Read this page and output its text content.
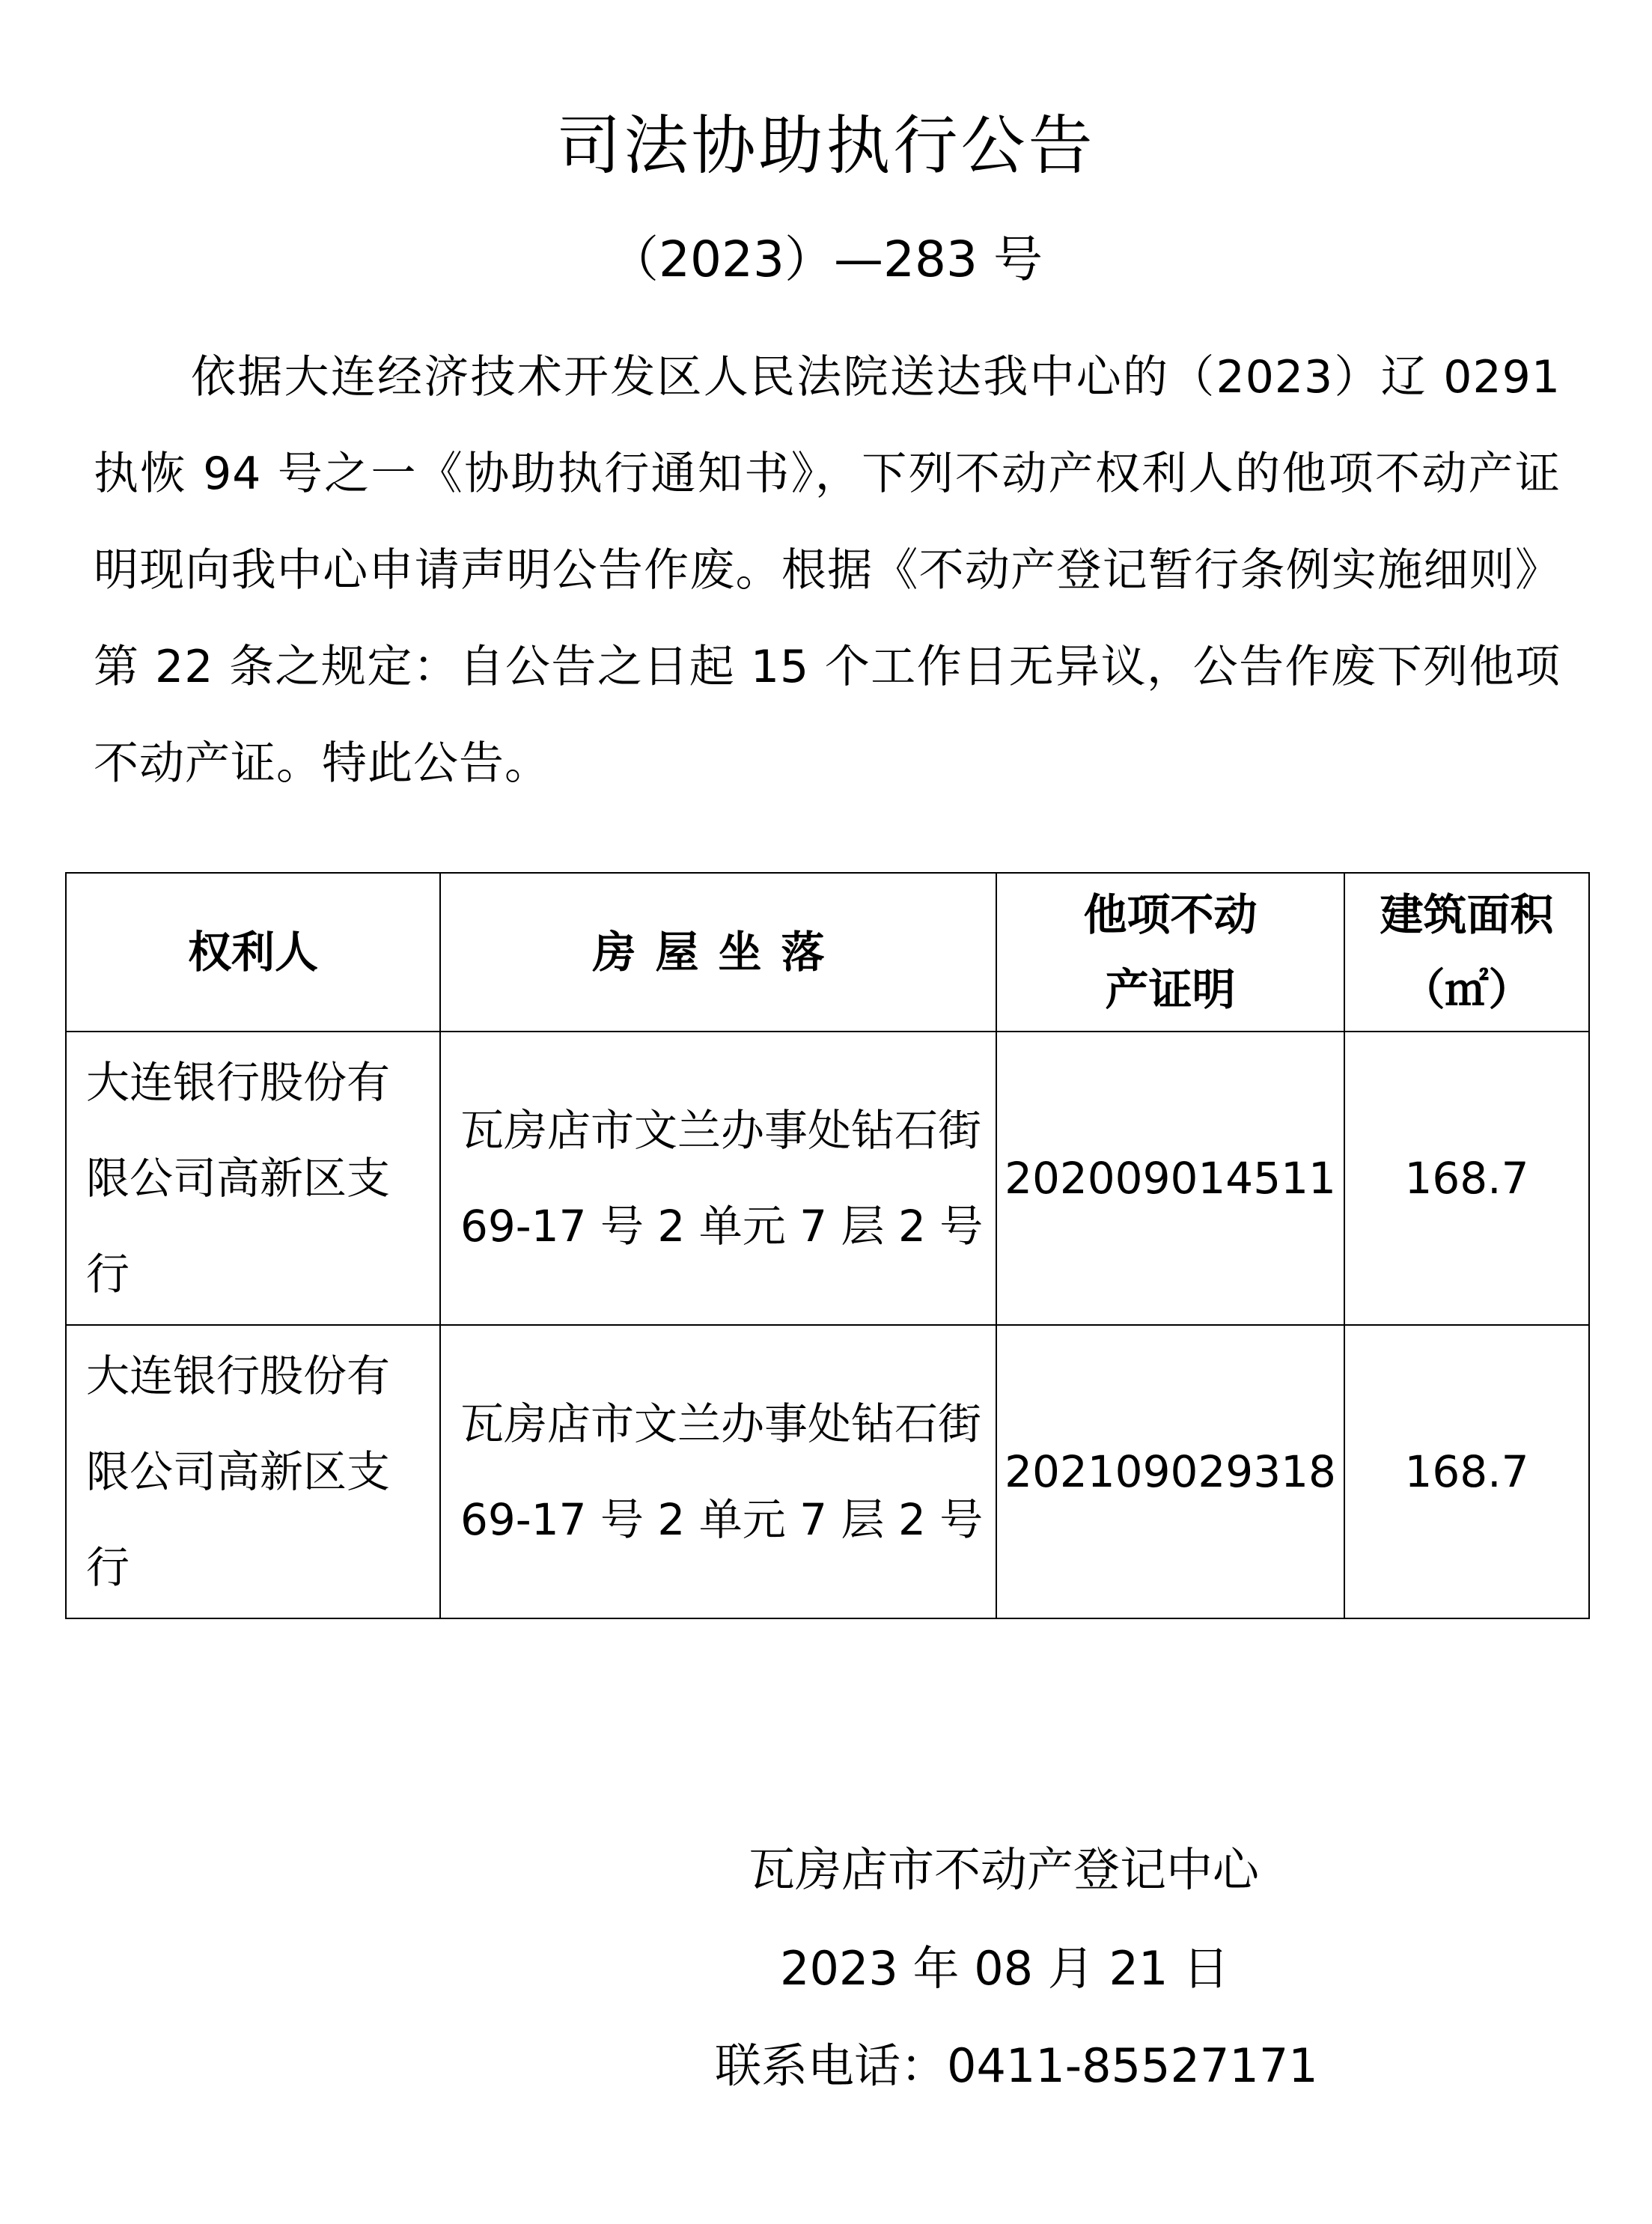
司法协助执行公告
（2023）—283 号
依据大连经济技术开发区人民法院送达我中心的（2023）辽 0291 执恢 94 号之一《协助执行通知书》，下列不动产权利人的他项不动产证明现向我中心申请声明公告作废。根据《不动产登记暂行条例实施细则》第 22 条之规定：自公告之日起 15 个工作日无异议，公告作废下列他项不动产证。特此公告。
权利人	房屋坐落	他项不动产证明	建筑面积（㎡）
大连银行股份有限公司高新区支行	瓦房店市文兰办事处钻石街 69-17 号 2 单元 7 层 2 号	202009014511	168.7
大连银行股份有限公司高新区支行	瓦房店市文兰办事处钻石街 69-17 号 2 单元 7 层 2 号	202109029318	168.7
瓦房店市不动产登记中心
2023 年 08 月 21 日
联系电话：0411-85527171
